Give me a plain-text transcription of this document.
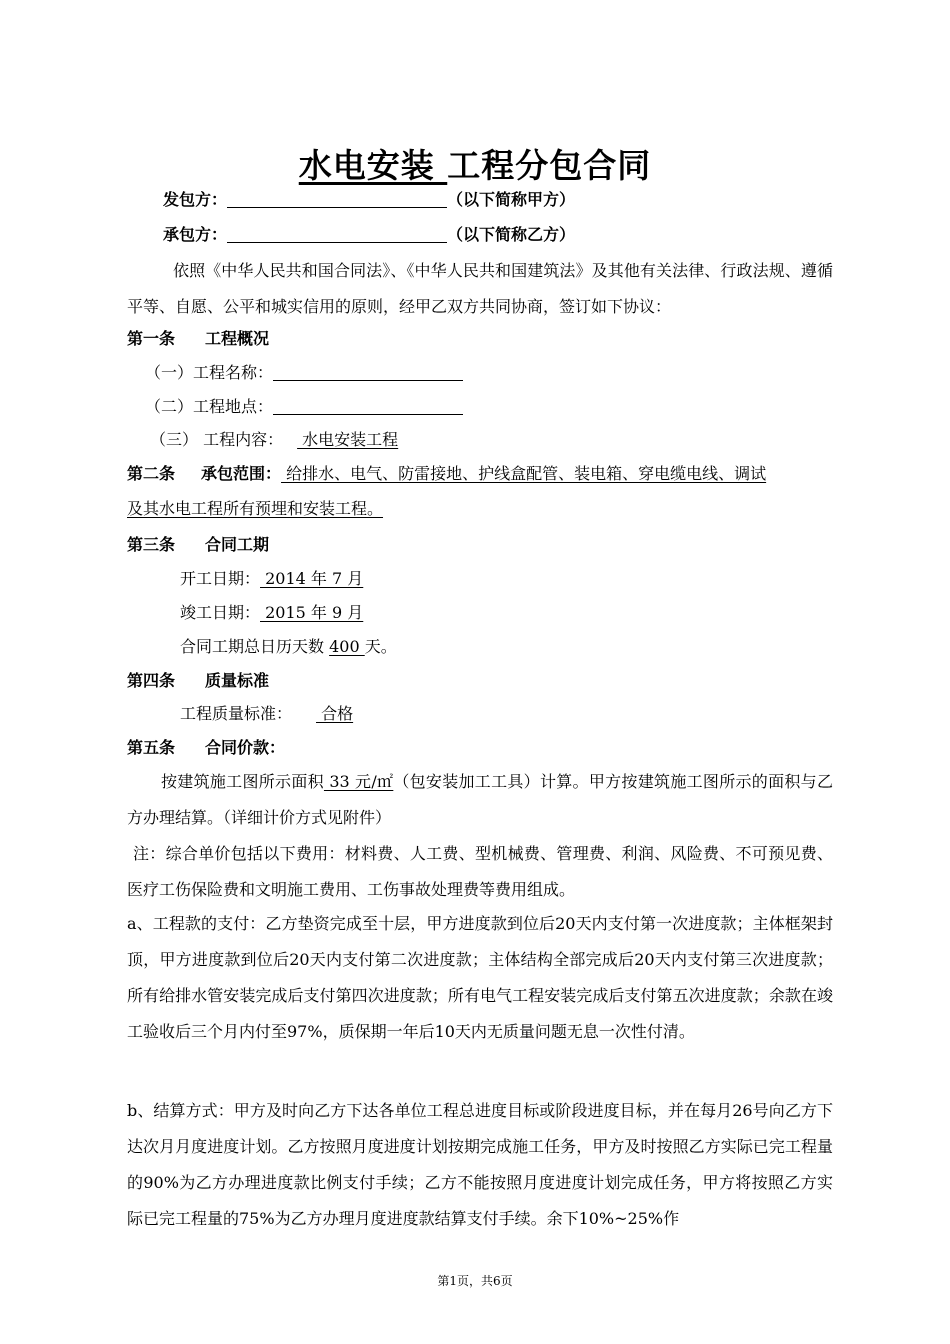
水电安装 工程分包合同
发包方：	（以下简称甲方）
承包方：	（以下简称乙方）
依照《中华人民共和国合同法》、《中华人民共和国建筑法》及其他有关法律、行政法规、遵循平等、自愿、公平和城实信用的原则，经甲乙双方共同协商，签订如下协议：
第一条 工程概况
（一）工程名称：
（二）工程地点：
（三） 工程内容： 水电安装工程
第二条 承包范围： 给排水、电气、防雷接地、护线盒配管、装电箱、穿电缆电线、调试
及其水电工程所有预埋和安装工程。
第三条 合同工期
开工日期： 2014 年 7 月
竣工日期： 2015 年 9 月
合同工期总日历天数 400 天。
第四条 质量标准
工程质量标准： 合格
第五条 合同价款：
按建筑施工图所示面积 33 元/㎡（包安装加工工具）计算。甲方按建筑施工图所示的面积与乙方办理结算。（详细计价方式见附件）
注：综合单价包括以下费用：材料费、人工费、型机械费、管理费、利润、风险费、不可预见费、医疗工伤保险费和文明施工费用、工伤事故处理费等费用组成。
a、工程款的支付：乙方垫资完成至十层，甲方进度款到位后20天内支付第一次进度款；主体框架封顶，甲方进度款到位后20天内支付第二次进度款；主体结构全部完成后20天内支付第三次进度款；所有给排水管安装完成后支付第四次进度款；所有电气工程安装完成后支付第五次进度款；余款在竣工验收后三个月内付至97%，质保期一年后10天内无质量问题无息一次性付清。
b、结算方式：甲方及时向乙方下达各单位工程总进度目标或阶段进度目标，并在每月26号向乙方下达次月月度进度计划。乙方按照月度进度计划按期完成施工任务，甲方及时按照乙方实际已完工程量的90%为乙方办理进度款比例支付手续；乙方不能按照月度进度计划完成任务，甲方将按照乙方实际已完工程量的75%为乙方办理月度进度款结算支付手续。余下10%~25%作
第1页，共6页
